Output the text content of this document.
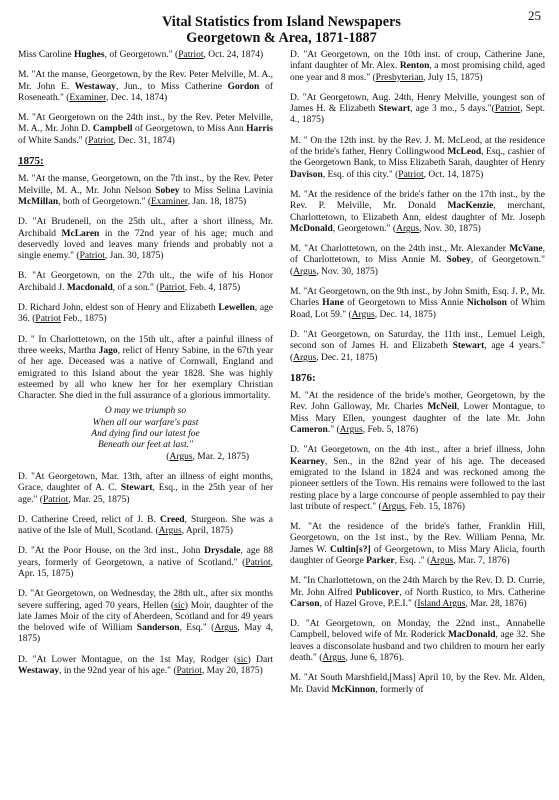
Vital Statistics from Island Newspapers
Georgetown & Area, 1871-1887
25

Miss Caroline Hughes, of Georgetown." (Patriot, Oct. 24, 1874)

M. "At the manse, Georgetown, by the Rev. Peter Melville, M. A., Mr. John E. Westaway, Jun., to Miss Catherine Gordon of Roseneath." (Examiner, Dec. 14, 1874)

M. "At Georgetown on the 24th inst., by the Rev. Peter Melville, M. A., Mr. John D. Campbell of Georgetown, to Miss Ann Harris of White Sands." (Patriot, Dec. 31, 1874)

1875:

M. "At the manse, Georgetown, on the 7th inst., by the Rev. Peter Melville, M. A., Mr. John Nelson Sobey to Miss Selina Lavinia McMillan, both of Georgetown." (Examiner, Jan. 18, 1875)

D. "At Brudenell, on the 25th ult., after a short illness, Mr. Archibald McLaren in the 72nd year of his age; much and deservedly loved and leaves many friends and probably not a single enemy." (Patriot, Jan. 30, 1875)

B. "At Georgetown, on the 27th ult., the wife of his Honor Archibald J. Macdonald, of a son." (Patriot, Feb. 4, 1875)

D. Richard John, eldest son of Henry and Elizabeth Lewellen, age 36. (Patriot Feb., 1875)

D. " In Charlottetown, on the 15th ult., after a painful illness of three weeks, Martha Jago, relict of Henry Sabine, in the 67th year of her age. Deceased was a native of Cornwall, England and emigrated to this Island about the year 1828. She was highly esteemed by all who knew her for her exemplary Christian Character. She died in the full assurance of a glorious immortality.

O may we triumph so
When all our warfare's past
And dying find our latest foe
Beneath our feet at last."
(Argus, Mar. 2, 1875)

D. "At Georgetown, Mar. 13th, after an illness of eight months, Grace, daughter of A. C. Stewart, Esq., in the 25th year of her age." (Patriot, Mar. 25, 1875)

D. Catherine Creed, relict of J. B. Creed, Sturgeon. She was a native of the Isle of Mull, Scotland. (Argus, April, 1875)

D. "At the Poor House, on the 3rd inst., John Drysdale, age 88 years, formerly of Georgetown, a native of Scotland." (Patriot, Apr. 15, 1875)

D. "At Georgetown, on Wednesday, the 28th ult., after six months severe suffering, aged 70 years, Hellen (sic) Moir, daughter of the late James Moir of the city of Aberdeen, Scotland and for 49 years the beloved wife of William Sanderson, Esq." (Argus, May 4, 1875)

D. "At Lower Montague, on the 1st May, Rodger (sic) Dart Westaway, in the 92nd year of his age." (Patriot, May 20, 1875)

D. "At Georgetown, on the 10th inst. of croup, Catherine Jane, infant daughter of Mr. Alex. Renton, a most promising child, aged one year and 8 mos." (Presbyterian, July 15, 1875)

D. "At Georgetown, Aug. 24th, Henry Melville, youngest son of James H. & Elizabeth Stewart, age 3 mo., 5 days."(Patriot, Sept. 4., 1875)

M. " On the 12th inst. by the Rev. J. M. McLeod, at the residence of the bride's father, Henry Collingwood McLeod, Esq., cashier of the Georgetown Bank, to Miss Elizabeth Sarah, daughter of Henry Davison, Esq. of this city." (Patriot, Oct. 14, 1875)

M. "At the residence of the bride's father on the 17th inst., by the Rev. P. Melville, Mr. Donald MacKenzie, merchant, Charlottetown, to Elizabeth Ann, eldest daughter of Mr. Joseph McDonald, Georgetown." (Argus, Nov. 30, 1875)

M. "At Charlottetown, on the 24th inst., Mr. Alexander McVane, of Charlottetown, to Miss Annie M. Sobey, of Georgetown."(Argus, Nov. 30, 1875)

M. "At Georgetown, on the 9th inst., by John Smith, Esq. J. P., Mr. Charles Hane of Georgetown to Miss Annie Nicholson of Whim Road, Lot 59." (Argus, Dec. 14, 1875)

D. "At Georgetown, on Saturday, the 11th inst., Lemuel Leigh, second son of James H. and Elizabeth Stewart, age 4 years." (Argus, Dec. 21, 1875)

1876:

M. "At the residence of the bride's mother, Georgetown, by the Rev. John Galloway, Mr. Charles McNeil, Lower Montague, to Miss Mary Ellen, youngest daughter of the late Mr. John Cameron." (Argus, Feb. 5, 1876)

D. "At Georgetown, on the 4th inst., after a brief illness, John Kearney, Sen., in the 82nd year of his age. The deceased emigrated to the Island in 1824 and was reckoned among the pioneer settlers of the Town. His remains were followed to the last resting place by a large concourse of people assembled to pay their last tribute of respect." (Argus, Feb. 15, 1876)

M. "At the residence of the bride's father, Franklin Hill, Georgetown, on the 1st inst., by the Rev. William Penna, Mr. James W. Cultin[s?] of Georgetown, to Miss Mary Alicia, fourth daughter of George Parker, Esq. ." (Argus, Mar. 7, 1876)

M. "In Charlottetown, on the 24th March by the Rev. D. D. Currie, Mr. John Alfred Publicover, of North Rustico, to Mrs. Catherine Carson, of Hazel Grove, P.E.I." (Island Argus, Mar. 28, 1876)

D. "At Georgetown, on Monday, the 22nd inst., Annabelle Campbell, beloved wife of Mr. Roderick MacDonald, age 32. She leaves a disconsolate husband and two children to mourn her early death." (Argus, June 6, 1876).

M. "At South Marshfield,[Mass] April 10, by the Rev. Mr. Alden, Mr. David McKinnon, formerly of
